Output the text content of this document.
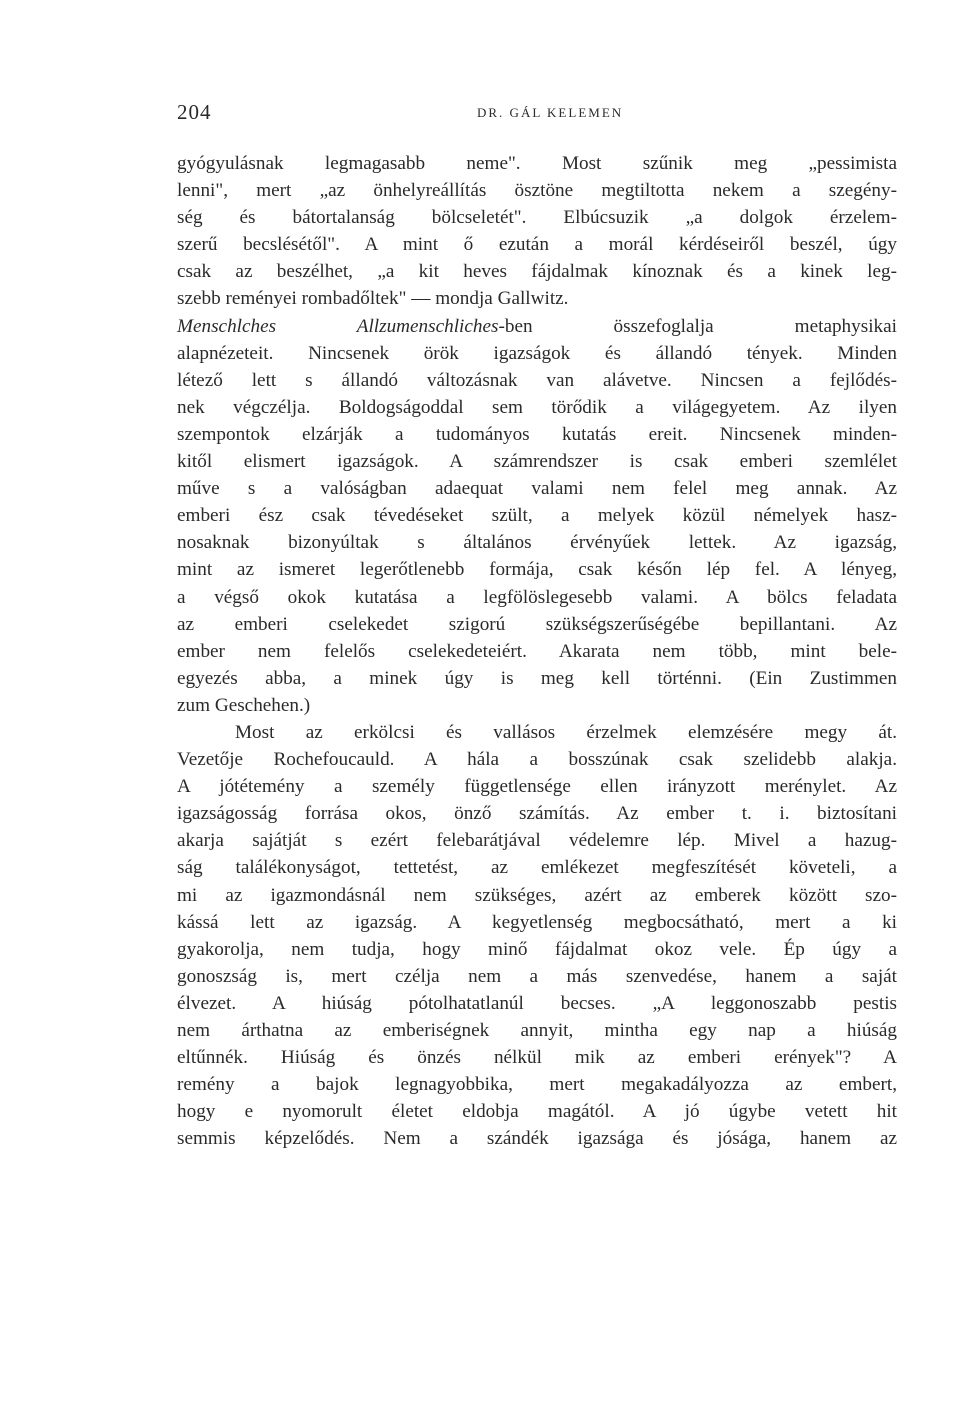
204	DR. GÁL KELEMEN
gyógyulásnak legmagasabb neme". Most szűnik meg „pessimista
lenni", mert „az önhelyreállítás ösztöne megtiltotta nekem a szegény-
ség és bátortalanság bölcseletét". Elbúcsuzik „a dolgok érzelem-
szerű becslésétől". A mint ő ezután a morál kérdéseiről beszél, úgy
csak az beszélhet, „a kit heves fájdalmak kínoznak és a kinek leg-
szebb reményei rombadőltek" — mondja Gallwitz.
Menschlches Allzumenschliches-ben összefoglalja metaphysikai
alapnézeteit. Nincsenek örök igazságok és állandó tények. Minden
létező lett s állandó változásnak van alávetve. Nincsen a fejlődés-
nek végczélja. Boldogságoddal sem törődik a világegyetem. Az ilyen
szempontok elzárják a tudományos kutatás ereit. Nincsenek minden-
kitől elismert igazságok. A számrendszer is csak emberi szemlélet
műve s a valóságban adaequat valami nem felel meg annak. Az
emberi ész csak tévedéseket szült, a melyek közül némelyek hasz-
nosaknak bizonyúltak s általános érvényűek lettek. Az igazság,
mint az ismeret legerőtlenebb formája, csak későn lép fel. A lényeg,
a végső okok kutatása a legfölöslegesebb valami. A bölcs feladata
az emberi cselekedet szigorú szükségszerűségébe bepillantani. Az
ember nem felelős cselekedeteiért. Akarata nem több, mint bele-
egyezés abba, a minek úgy is meg kell történni. (Ein Zustimmen
zum Geschehen.)
Most az erkölcsi és vallásos érzelmek elemzésére megy át.
Vezetője Rochefoucauld. A hála a bosszúnak csak szelidebb alakja.
A jótétemény a személy függetlensége ellen irányzott merénylet. Az
igazságosság forrása okos, önző számítás. Az ember t. i. biztosítani
akarja sajátját s ezért felebarátjával védelemre lép. Mivel a hazug-
ság találékonyságot, tettetést, az emlékezet megfeszítését követeli, a
mi az igazmondásnál nem szükséges, azért az emberek között szo-
kássá lett az igazság. A kegyetlenség megbocsátható, mert a ki
gyakorolja, nem tudja, hogy minő fájdalmat okoz vele. Ép úgy a
gonoszság is, mert czélja nem a más szenvedése, hanem a saját
élvezet. A hiúság pótolhatatlanúl becses. „A leggonoszabb pestis
nem árthatna az emberiségnek annyit, mintha egy nap a hiúság
eltűnnék. Hiúság és önzés nélkül mik az emberi erények"? A
remény a bajok legnagyobbika, mert megakadályozza az embert,
hogy e nyomorult életet eldobja magától. A jó úgybe vetett hit
semmis képzelődés. Nem a szándék igazsága és jósága, hanem az
